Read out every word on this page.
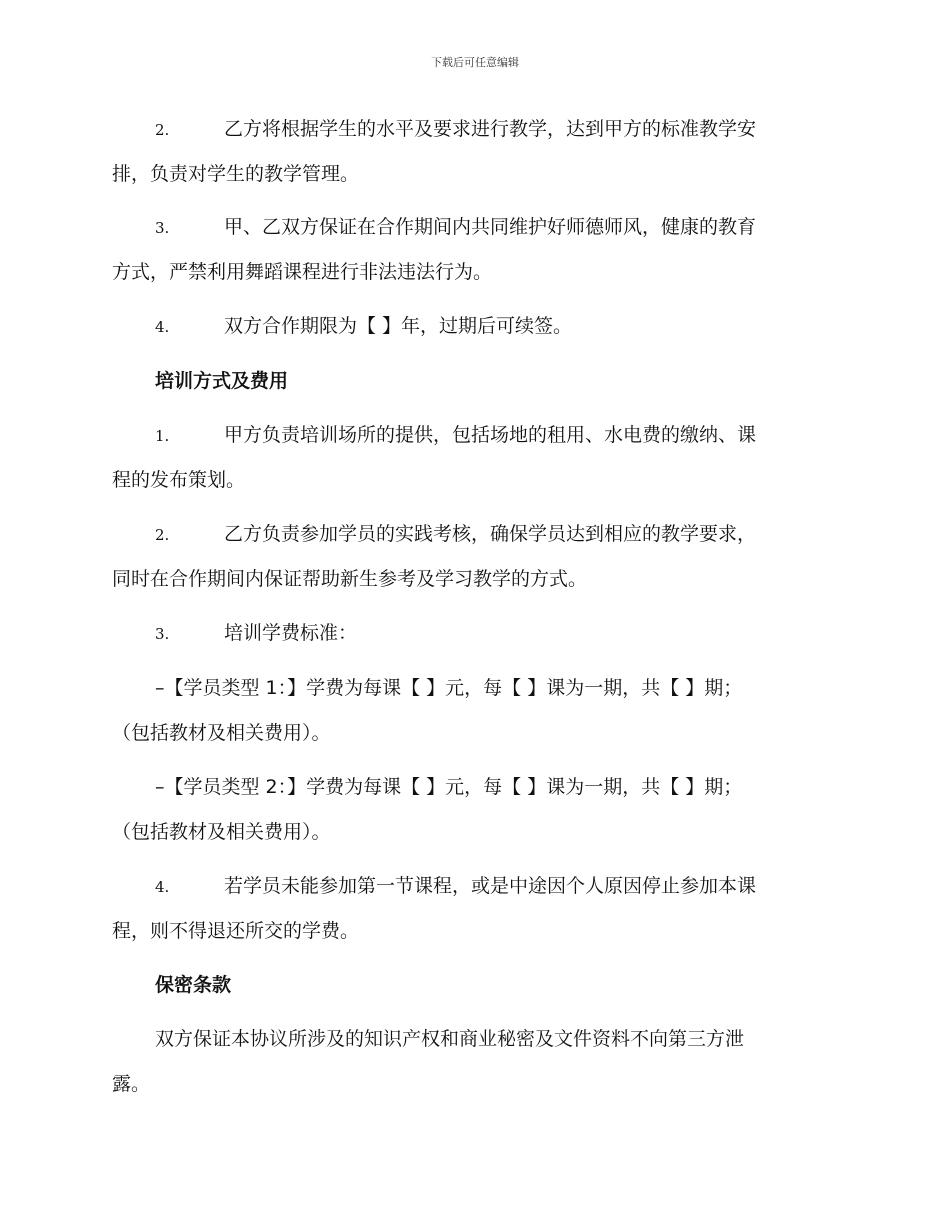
下载后可任意编辑
2.	乙方将根据学生的水平及要求进行教学，达到甲方的标准教学安
排，负责对学生的教学管理。
3.	甲、乙双方保证在合作期间内共同维护好师德师风，健康的教育
方式，严禁利用舞蹈课程进行非法违法行为。
4.	双方合作期限为【 】年，过期后可续签。
培训方式及费用
1.	甲方负责培训场所的提供，包括场地的租用、水电费的缴纳、课
程的发布策划。
2.	乙方负责参加学员的实践考核，确保学员达到相应的教学要求，
同时在合作期间内保证帮助新生参考及学习教学的方式。
3.	培训学费标准：
–【学员类型 1：】学费为每课【 】元，每【 】课为一期，共【 】期；
（包括教材及相关费用）。
–【学员类型 2：】学费为每课【 】元，每【 】课为一期，共【 】期；
（包括教材及相关费用）。
4.	若学员未能参加第一节课程，或是中途因个人原因停止参加本课
程，则不得退还所交的学费。
保密条款
双方保证本协议所涉及的知识产权和商业秘密及文件资料不向第三方泄
露。
